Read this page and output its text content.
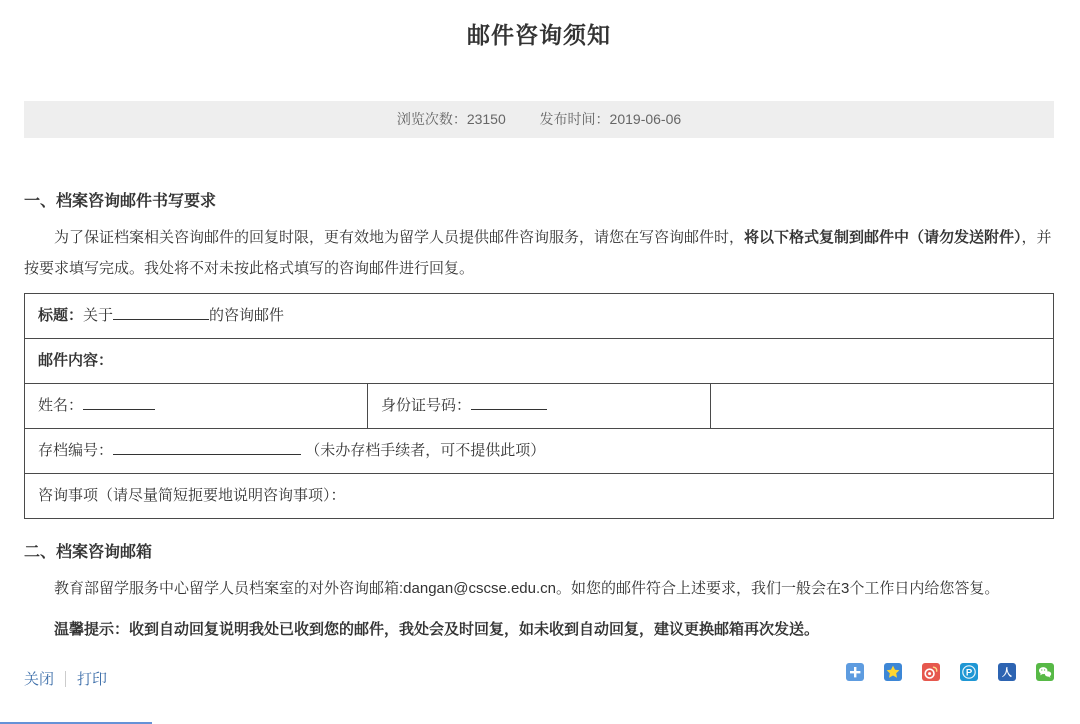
邮件咨询须知
浏览次数：23150 发布时间：2019-06-06
一、档案咨询邮件书写要求

为了保证档案相关咨询邮件的回复时限，更有效地为留学人员提供邮件咨询服务，请您在写咨询邮件时，将以下格式复制到邮件中（请勿发送附件），并按要求填写完成。我处将不对未按此格式填写的咨询邮件进行回复。

标题：关于	的咨询邮件
邮件内容：
姓名：	身份证号码：	
存档编号：	（未办存档手续者，可不提供此项）
咨询事项（请尽量简短扼要地说明咨询事项）：
二、档案咨询邮箱

教育部留学服务中心留学人员档案室的对外咨询邮箱:dangan@cscse.edu.cn。如您的邮件符合上述要求，我们一般会在3个工作日内给您答复。

温馨提示：收到自动回复说明我处已收到您的邮件，我处会及时回复，如未收到自动回复，建议更换邮箱再次发送。

关闭 打印	P	人
